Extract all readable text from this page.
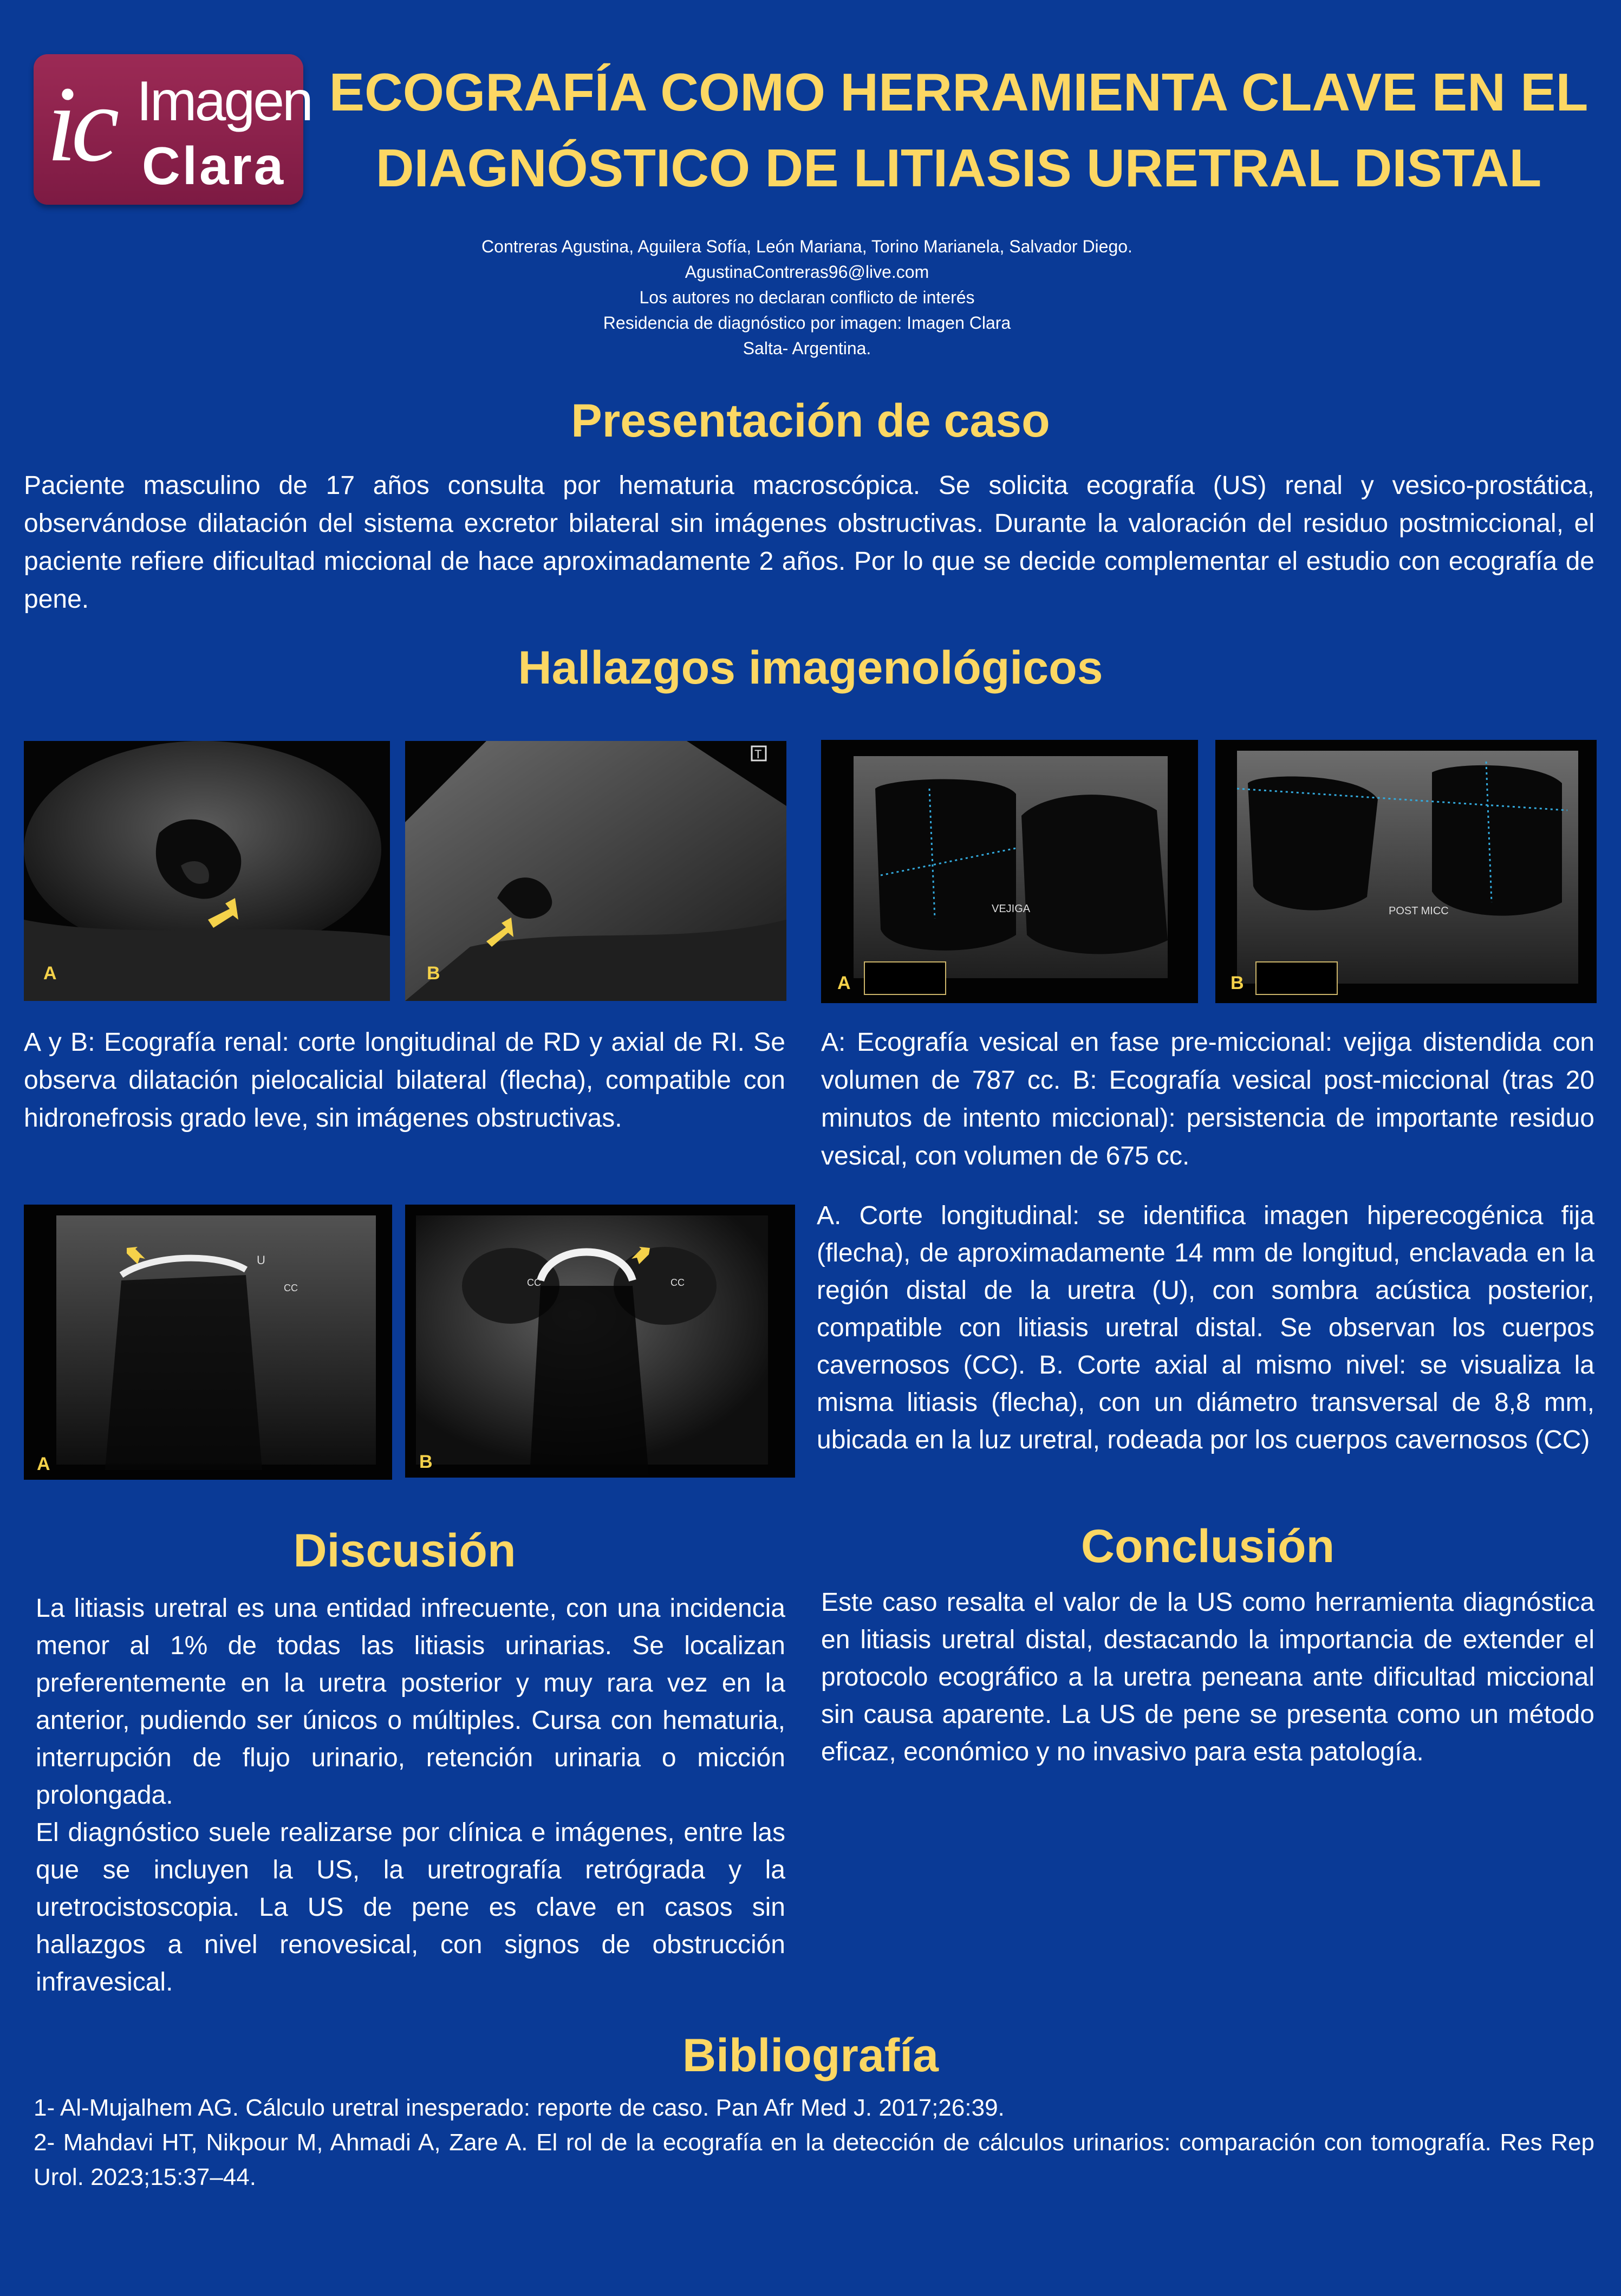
ic Imagen
Clara
ECOGRAFÍA COMO HERRAMIENTA CLAVE EN EL
DIAGNÓSTICO DE LITIASIS URETRAL DISTAL
Contreras Agustina, Aguilera Sofía, León Mariana, Torino Marianela, Salvador Diego.
AgustinaContreras96@live.com
Los autores no declaran conflicto de interés
Residencia de diagnóstico por imagen: Imagen Clara
Salta- Argentina.
Presentación de caso
Paciente masculino de 17 años consulta por hematuria macroscópica. Se solicita ecografía (US) renal y vesico-prostática, observándose dilatación del sistema excretor bilateral sin imágenes obstructivas. Durante la valoración del residuo postmiccional, el paciente refiere dificultad miccional de hace aproximadamente 2 años. Por lo que se decide complementar el estudio con ecografía de pene.
Hallazgos imagenológicos
A
T
B
VEJIGA
A
POST MICC
B
A y B: Ecografía renal: corte longitudinal de RD y axial de RI. Se observa dilatación pielocalicial bilateral (flecha), compatible con hidronefrosis grado leve, sin imágenes obstructivas.
A: Ecografía vesical en fase pre-miccional: vejiga distendida con volumen de 787 cc. B: Ecografía vesical post-miccional (tras 20 minutos de intento miccional): persistencia de importante residuo vesical, con volumen de 675 cc.
U
CC
A
CC	CC
B
A. Corte longitudinal: se identifica imagen hiperecogénica fija (flecha), de aproximadamente 14 mm de longitud, enclavada en la región distal de la uretra (U), con sombra acústica posterior, compatible con litiasis uretral distal. Se observan los cuerpos cavernosos (CC). B. Corte axial al mismo nivel: se visualiza la misma litiasis (flecha), con un diámetro transversal de 8,8 mm, ubicada en la luz uretral, rodeada por los cuerpos cavernosos (CC)
Discusión
La litiasis uretral es una entidad infrecuente, con una incidencia menor al 1% de todas las litiasis urinarias. Se localizan preferentemente en la uretra posterior y muy rara vez en la anterior, pudiendo ser únicos o múltiples. Cursa con hematuria, interrupción de flujo urinario, retención urinaria o micción prolongada.
El diagnóstico suele realizarse por clínica e imágenes, entre las que se incluyen la US, la uretrografía retrógrada y la uretrocistoscopia. La US de pene es clave en casos sin hallazgos a nivel renovesical, con signos de obstrucción infravesical.
Conclusión
Este caso resalta el valor de la US como herramienta diagnóstica en litiasis uretral distal, destacando la importancia de extender el protocolo ecográfico a la uretra peneana ante dificultad miccional sin causa aparente. La US de pene se presenta como un método eficaz, económico y no invasivo para esta patología.
Bibliografía
1- Al-Mujalhem AG. Cálculo uretral inesperado: reporte de caso. Pan Afr Med J. 2017;26:39.
2- Mahdavi HT, Nikpour M, Ahmadi A, Zare A. El rol de la ecografía en la detección de cálculos urinarios: comparación con tomografía. Res Rep Urol. 2023;15:37–44.
